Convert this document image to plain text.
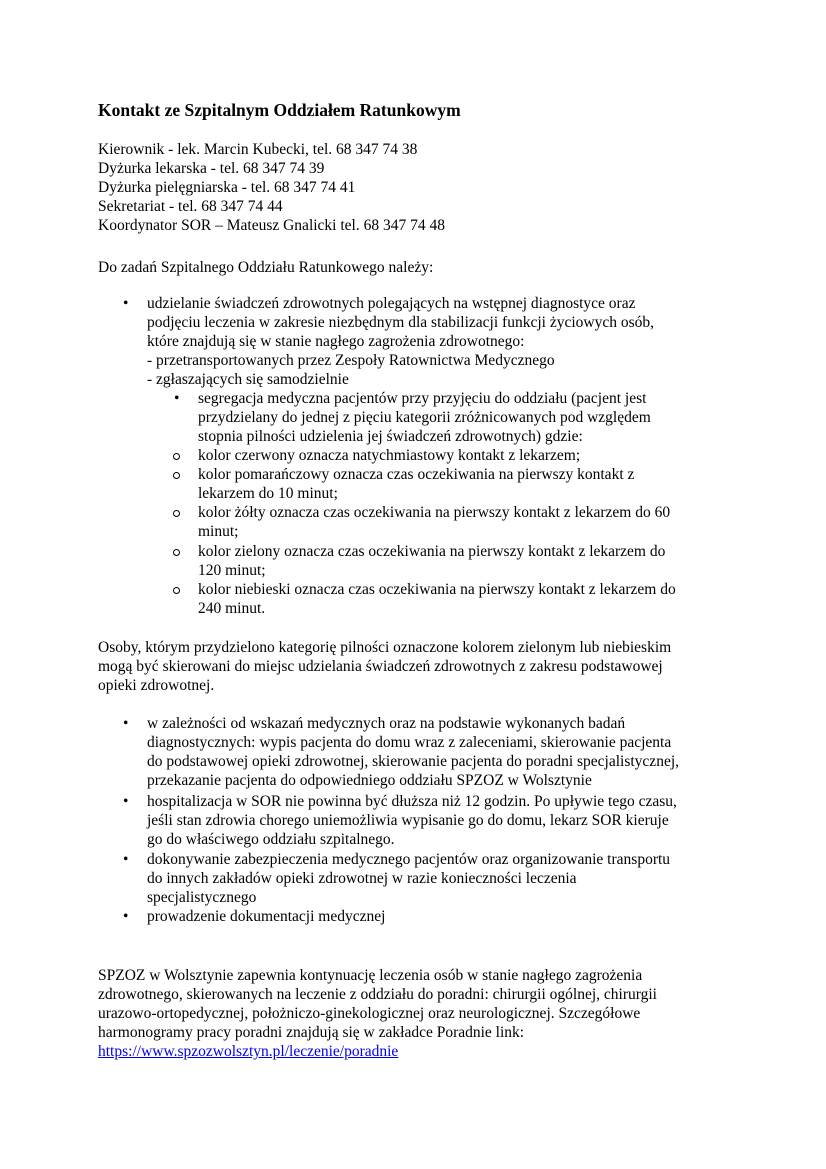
Kontakt ze Szpitalnym Oddziałem Ratunkowym
Kierownik - lek. Marcin Kubecki, tel. 68 347 74 38
Dyżurka lekarska - tel. 68 347 74 39
Dyżurka pielęgniarska - tel. 68 347 74 41
Sekretariat - tel. 68 347 74 44
Koordynator SOR – Mateusz Gnalicki tel. 68 347 74 48
Do zadań Szpitalnego Oddziału Ratunkowego należy:
• udzielanie świadczeń zdrowotnych polegających na wstępnej diagnostyce oraz
podjęciu leczenia w zakresie niezbędnym dla stabilizacji funkcji życiowych osób,
które znajdują się w stanie nagłego zagrożenia zdrowotnego:
- przetransportowanych przez Zespoły Ratownictwa Medycznego
- zgłaszających się samodzielnie
• segregacja medyczna pacjentów przy przyjęciu do oddziału (pacjent jest
przydzielany do jednej z pięciu kategorii zróżnicowanych pod względem
stopnia pilności udzielenia jej świadczeń zdrowotnych) gdzie:
kolor czerwony oznacza natychmiastowy kontakt z lekarzem;
kolor pomarańczowy oznacza czas oczekiwania na pierwszy kontakt z
lekarzem do 10 minut;
kolor żółty oznacza czas oczekiwania na pierwszy kontakt z lekarzem do 60
minut;
kolor zielony oznacza czas oczekiwania na pierwszy kontakt z lekarzem do
120 minut;
kolor niebieski oznacza czas oczekiwania na pierwszy kontakt z lekarzem do
240 minut.
Osoby, którym przydzielono kategorię pilności oznaczone kolorem zielonym lub niebieskim
mogą być skierowani do miejsc udzielania świadczeń zdrowotnych z zakresu podstawowej
opieki zdrowotnej.
• w zależności od wskazań medycznych oraz na podstawie wykonanych badań
diagnostycznych: wypis pacjenta do domu wraz z zaleceniami, skierowanie pacjenta
do podstawowej opieki zdrowotnej, skierowanie pacjenta do poradni specjalistycznej,
przekazanie pacjenta do odpowiedniego oddziału SPZOZ w Wolsztynie
• hospitalizacja w SOR nie powinna być dłuższa niż 12 godzin. Po upływie tego czasu,
jeśli stan zdrowia chorego uniemożliwia wypisanie go do domu, lekarz SOR kieruje
go do właściwego oddziału szpitalnego.
• dokonywanie zabezpieczenia medycznego pacjentów oraz organizowanie transportu
do innych zakładów opieki zdrowotnej w razie konieczności leczenia
specjalistycznego
• prowadzenie dokumentacji medycznej
SPZOZ w Wolsztynie zapewnia kontynuację leczenia osób w stanie nagłego zagrożenia
zdrowotnego, skierowanych na leczenie z oddziału do poradni: chirurgii ogólnej, chirurgii
urazowo-ortopedycznej, położniczo-ginekologicznej oraz neurologicznej. Szczegółowe
harmonogramy pracy poradni znajdują się w zakładce Poradnie link:
https://www.spzozwolsztyn.pl/leczenie/poradnie
